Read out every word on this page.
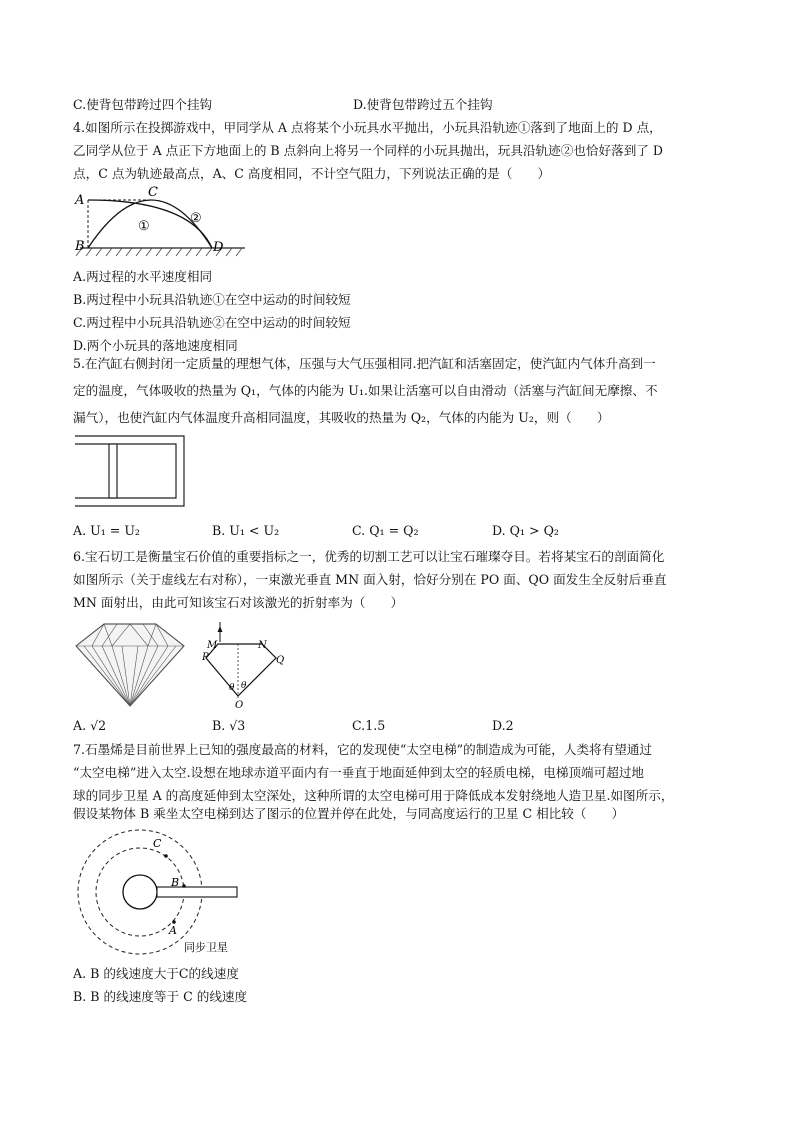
C.使背包带跨过四个挂钩	D.使背包带跨过五个挂钩
4.如图所示在投掷游戏中，甲同学从 A 点将某个小玩具水平抛出，小玩具沿轨迹①落到了地面上的 D 点，
乙同学从位于 A 点正下方地面上的 B 点斜向上将另一个同样的小玩具抛出，玩具沿轨迹②也恰好落到了 D
点，C 点为轨迹最高点，A、C 高度相同，不计空气阻力，下列说法正确的是（　　）
A
B
C
D
①
②
A.两过程的水平速度相同
B.两过程中小玩具沿轨迹①在空中运动的时间较短
C.两过程中小玩具沿轨迹②在空中运动的时间较短
D.两个小玩具的落地速度相同
5.在汽缸右侧封闭一定质量的理想气体，压强与大气压强相同.把汽缸和活塞固定，使汽缸内气体升高到一
定的温度，气体吸收的热量为 Q₁，气体的内能为 U₁.如果让活塞可以自由滑动（活塞与汽缸间无摩擦、不
漏气），也使汽缸内气体温度升高相同温度，其吸收的热量为 Q₂，气体的内能为 U₂，则（　　）
A. U₁ = U₂	B. U₁ < U₂	C. Q₁ = Q₂	D. Q₁ > Q₂
6.宝石切工是衡量宝石价值的重要指标之一，优秀的切割工艺可以让宝石璀璨夺目。若将某宝石的剖面简化
如图所示（关于虚线左右对称），一束激光垂直 MN 面入射，恰好分别在 PO 面、QO 面发生全反射后垂直
MN 面射出，由此可知该宝石对该激光的折射率为（　　）
P
M	N
Q
O
θ θ
A. √2	B. √3	C.1.5	D.2
7.石墨烯是目前世界上已知的强度最高的材料，它的发现使“太空电梯”的制造成为可能，人类将有望通过
“太空电梯”进入太空.设想在地球赤道平面内有一垂直于地面延伸到太空的轻质电梯，电梯顶端可超过地
球的同步卫星 A 的高度延伸到太空深处，这种所谓的太空电梯可用于降低成本发射绕地人造卫星.如图所示，
假设某物体 B 乘坐太空电梯到达了图示的位置并停在此处，与同高度运行的卫星 C 相比较（　　）
C
B
A
同步卫星
A. B 的线速度大于C的线速度
B. B 的线速度等于 C 的线速度
